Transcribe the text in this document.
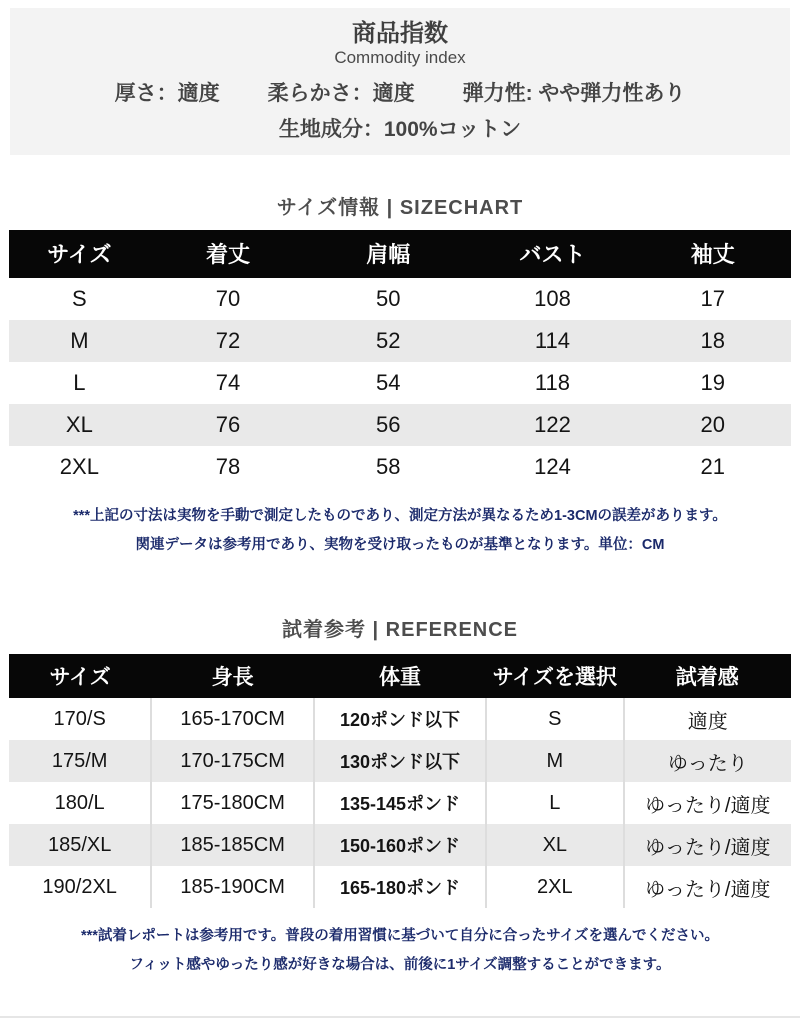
商品指数
Commodity index
厚さ：適度 柔らかさ：適度 弾力性: やや弾力性あり
生地成分：100%コットン
サイズ情報 | SIZECHART
サイズ	着丈	肩幅	バスト	袖丈
S	70	50	108	17
M	72	52	114	18
L	74	54	118	19
XL	76	56	122	20
2XL	78	58	124	21
***上記の寸法は実物を手動で測定したものであり、測定方法が異なるため1-3CMの誤差があります。
関連データは参考用であり、実物を受け取ったものが基準となります。単位：CM
試着参考 | REFERENCE
サイズ	身長	体重	サイズを選択	試着感
170/S	165-170CM	120ポンド以下	S	適度
175/M	170-175CM	130ポンド以下	M	ゆったり
180/L	175-180CM	135-145ポンド	L	ゆったり/適度
185/XL	185-185CM	150-160ポンド	XL	ゆったり/適度
190/2XL	185-190CM	165-180ポンド	2XL	ゆったり/適度
***試着レポートは参考用です。普段の着用習慣に基づいて自分に合ったサイズを選んでください。
フィット感やゆったり感が好きな場合は、前後に1サイズ調整することができます。
